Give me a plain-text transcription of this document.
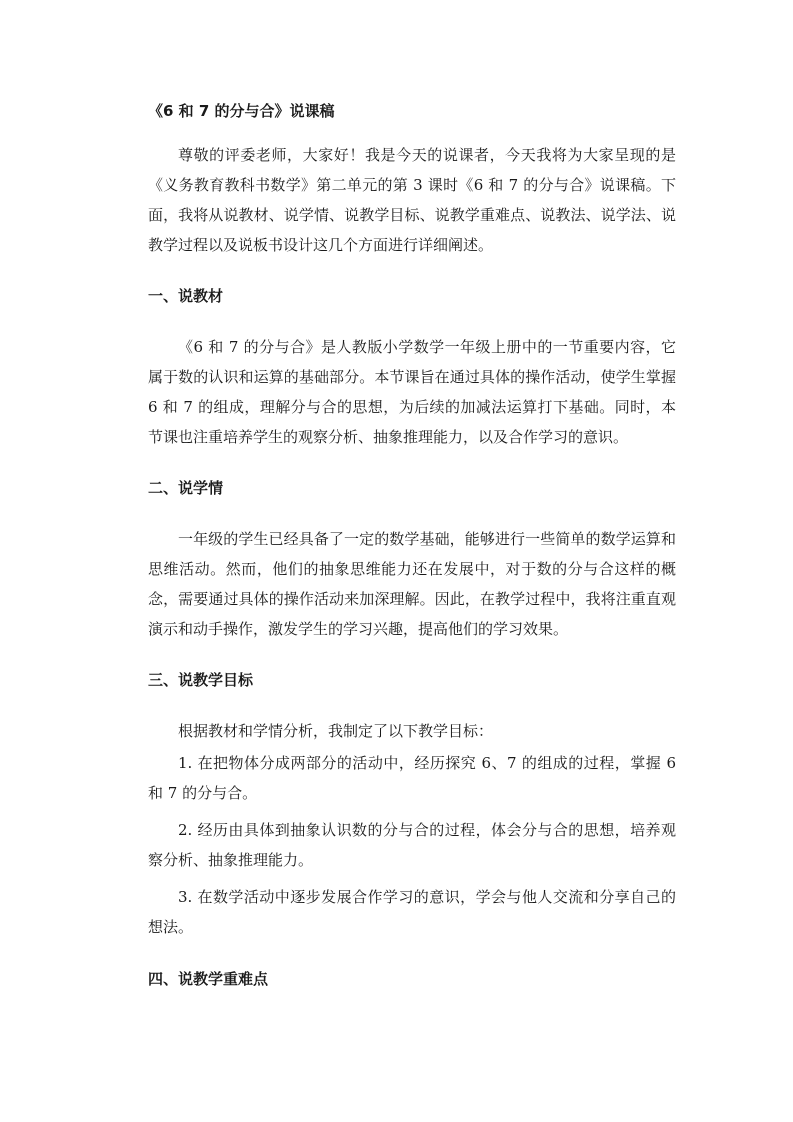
《6 和 7 的分与合》说课稿

尊敬的评委老师，大家好！我是今天的说课者，今天我将为大家呈现的是《义务教育教科书数学》第二单元的第 3 课时《6 和 7 的分与合》说课稿。下面，我将从说教材、说学情、说教学目标、说教学重难点、说教法、说学法、说教学过程以及说板书设计这几个方面进行详细阐述。

一、说教材

《6 和 7 的分与合》是人教版小学数学一年级上册中的一节重要内容，它属于数的认识和运算的基础部分。本节课旨在通过具体的操作活动，使学生掌握 6 和 7 的组成，理解分与合的思想，为后续的加减法运算打下基础。同时，本节课也注重培养学生的观察分析、抽象推理能力，以及合作学习的意识。

二、说学情

一年级的学生已经具备了一定的数学基础，能够进行一些简单的数学运算和思维活动。然而，他们的抽象思维能力还在发展中，对于数的分与合这样的概念，需要通过具体的操作活动来加深理解。因此，在教学过程中，我将注重直观演示和动手操作，激发学生的学习兴趣，提高他们的学习效果。

三、说教学目标

根据教材和学情分析，我制定了以下教学目标：

1. 在把物体分成两部分的活动中，经历探究 6、7 的组成的过程，掌握 6 和 7 的分与合。

2. 经历由具体到抽象认识数的分与合的过程，体会分与合的思想，培养观察分析、抽象推理能力。

3. 在数学活动中逐步发展合作学习的意识，学会与他人交流和分享自己的想法。

四、说教学重难点
